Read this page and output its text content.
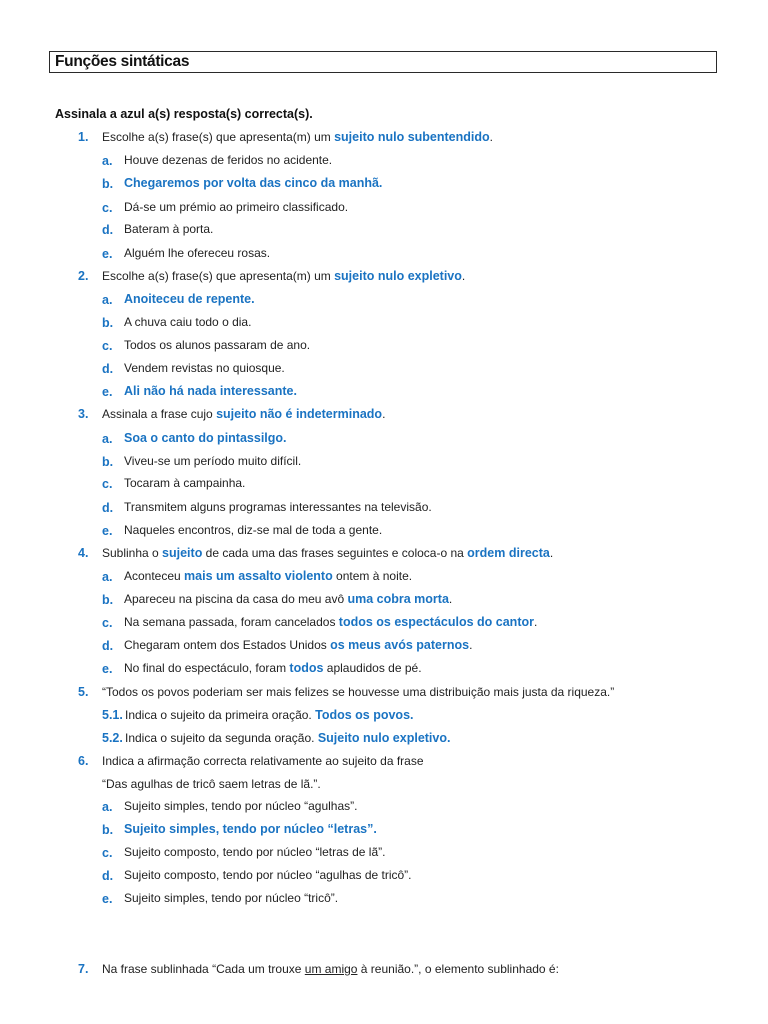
Funções sintáticas
Assinala a azul a(s) resposta(s) correcta(s).
1. Escolhe a(s) frase(s) que apresenta(m) um sujeito nulo subentendido.
a. Houve dezenas de feridos no acidente.
b. Chegaremos por volta das cinco da manhã.
c. Dá-se um prémio ao primeiro classificado.
d. Bateram à porta.
e. Alguém lhe ofereceu rosas.
2. Escolhe a(s) frase(s) que apresenta(m) um sujeito nulo expletivo.
a. Anoiteceu de repente.
b. A chuva caiu todo o dia.
c. Todos os alunos passaram de ano.
d. Vendem revistas no quiosque.
e. Ali não há nada interessante.
3. Assinala a frase cujo sujeito não é indeterminado.
a. Soa o canto do pintassilgo.
b. Viveu-se um período muito difícil.
c. Tocaram à campainha.
d. Transmitem alguns programas interessantes na televisão.
e. Naqueles encontros, diz-se mal de toda a gente.
4. Sublinha o sujeito de cada uma das frases seguintes e coloca-o na ordem directa.
a. Aconteceu mais um assalto violento ontem à noite.
b. Apareceu na piscina da casa do meu avô uma cobra morta.
c. Na semana passada, foram cancelados todos os espectáculos do cantor.
d. Chegaram ontem dos Estados Unidos os meus avós paternos.
e. No final do espectáculo, foram todos aplaudidos de pé.
5. “Todos os povos poderiam ser mais felizes se houvesse uma distribuição mais justa da riqueza.”
5.1. Indica o sujeito da primeira oração. Todos os povos.
5.2. Indica o sujeito da segunda oração. Sujeito nulo expletivo.
6. Indica a afirmação correcta relativamente ao sujeito da frase
“Das agulhas de tricô saem letras de lã.”.
a. Sujeito simples, tendo por núcleo “agulhas”.
b. Sujeito simples, tendo por núcleo “letras”.
c. Sujeito composto, tendo por núcleo “letras de lã”.
d. Sujeito composto, tendo por núcleo “agulhas de tricô”.
e. Sujeito simples, tendo por núcleo “tricô”.
7. Na frase sublinhada “Cada um trouxe um amigo à reunião.”, o elemento sublinhado é:
